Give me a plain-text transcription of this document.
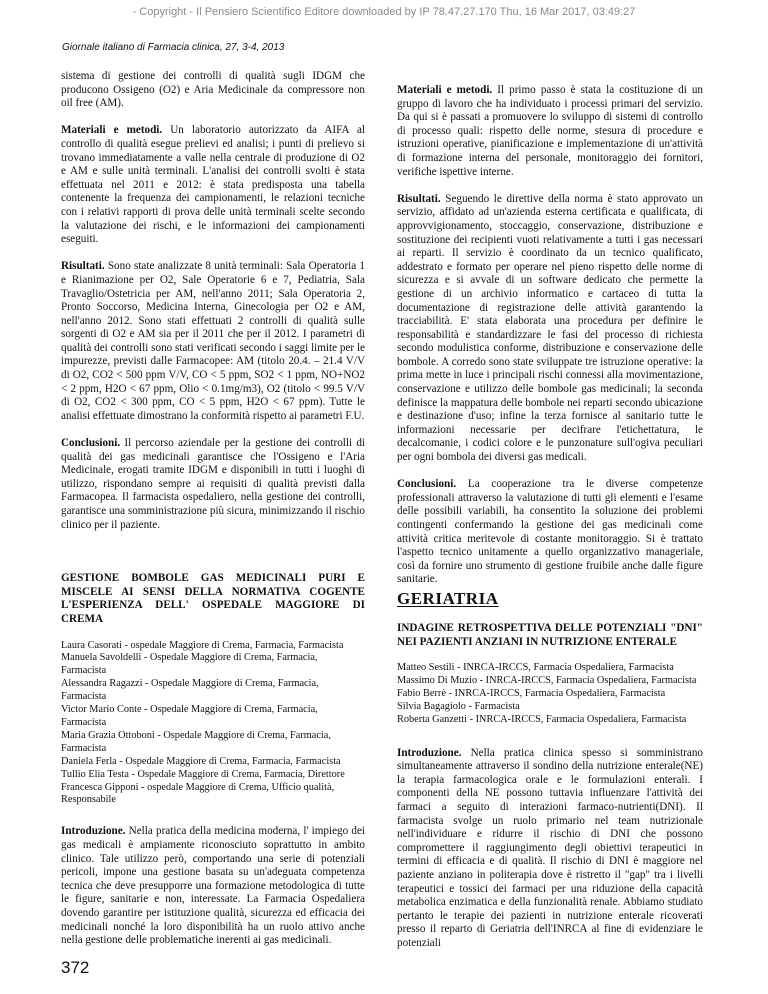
- Copyright - Il Pensiero Scientifico Editore downloaded by IP 78.47.27.170 Thu, 16 Mar 2017, 03:49:27
Giornale italiano di Farmacia clinica, 27, 3-4, 2013

sistema di gestione dei controlli di qualità sugli IDGM che producono Ossigeno (O2) e Aria Medicinale da compressore non oil free (AM).

Materiali e metodi. Un laboratorio autorizzato da AIFA al controllo di qualità esegue prelievi ed analisi; i punti di prelievo si trovano immediatamente a valle nella centrale di produzione di O2 e AM e sulle unità terminali. L'analisi dei controlli svolti è stata effettuata nel 2011 e 2012: è stata predisposta una tabella contenente la frequenza dei campionamenti, le relazioni tecniche con i relativi rapporti di prova delle unità terminali scelte secondo la valutazione dei rischi, e le informazioni dei campionamenti eseguiti.

Risultati. Sono state analizzate 8 unità terminali: Sala Operatoria 1 e Rianimazione per O2, Sale Operatorie 6 e 7, Pediatria, Sala Travaglio/Ostetricia per AM, nell'anno 2011; Sala Operatoria 2, Pronto Soccorso, Medicina Interna, Ginecologia per O2 e AM, nell'anno 2012. Sono stati effettuati 2 controlli di qualità sulle sorgenti di O2 e AM sia per il 2011 che per il 2012. I parametri di qualità dei controlli sono stati verificati secondo i saggi limite per le impurezze, previsti dalle Farmacopee: AM (titolo 20.4. – 21.4 V/V di O2, CO2 < 500 ppm V/V, CO < 5 ppm, SO2 < 1 ppm, NO+NO2 < 2 ppm, H2O < 67 ppm, Olio < 0.1mg/m3), O2 (titolo < 99.5 V/V di O2, CO2 < 300 ppm, CO < 5 ppm, H2O < 67 ppm). Tutte le analisi effettuate dimostrano la conformità rispetto ai parametri F.U.

Conclusioni. Il percorso aziendale per la gestione dei controlli di qualità dei gas medicinali garantisce che l'Ossigeno e l'Aria Medicinale, erogati tramite IDGM e disponibili in tutti i luoghi di utilizzo, rispondano sempre ai requisiti di qualità previsti dalla Farmacopea. Il farmacista ospedaliero, nella gestione dei controlli, garantisce una somministrazione più sicura, minimizzando il rischio clinico per il paziente.

GESTIONE BOMBOLE GAS MEDICINALI PURI E MISCELE AI SENSI DELLA NORMATIVA COGENTE L'ESPERIENZA DELL' OSPEDALE MAGGIORE DI CREMA

Laura Casorati - ospedale Maggiore di Crema, Farmacia, Farmacista
Manuela Savoldelli - Ospedale Maggiore di Crema, Farmacia, Farmacista
Alessandra Ragazzi - Ospedale Maggiore di Crema, Farmacia, Farmacista
Victor Mario Conte - Ospedale Maggiore di Crema, Farmacia, Farmacista
Maria Grazia Ottoboni - Ospedale Maggiore di Crema, Farmacia, Farmacista
Daniela Ferla - Ospedale Maggiore di Crema, Farmacia, Farmacista
Tullio Elia Testa - Ospedale Maggiore di Crema, Farmacia, Direttore
Francesca Gipponi - ospedale Maggiore di Crema, Ufficio qualità, Responsabile

Introduzione. Nella pratica della medicina moderna, l' impiego dei gas medicali è ampiamente riconosciuto soprattutto in ambito clinico. Tale utilizzo però, comportando una serie di potenziali pericoli, impone una gestione basata su un'adeguata competenza tecnica che deve presupporre una formazione metodologica di tutte le figure, sanitarie e non, interessate. La Farmacia Ospedaliera dovendo garantire per istituzione qualità, sicurezza ed efficacia dei medicinali nonché la loro disponibilità ha un ruolo attivo anche nella gestione delle problematiche inerenti ai gas medicinali.

Materiali e metodi. Il primo passo è stata la costituzione di un gruppo di lavoro che ha individuato i processi primari del servizio. Da qui si è passati a promuovere lo sviluppo di sistemi di controllo di processo quali: rispetto delle norme, stesura di procedure e istruzioni operative, pianificazione e implementazione di un'attività di formazione interna del personale, monitoraggio dei fornitori, verifiche ispettive interne.

Risultati. Seguendo le direttive della norma è stato approvato un servizio, affidato ad un'azienda esterna certificata e qualificata, di approvvigionamento, stoccaggio, conservazione, distribuzione e sostituzione dei recipienti vuoti relativamente a tutti i gas necessari ai reparti. Il servizio è coordinato da un tecnico qualificato, addestrato e formato per operare nel pieno rispetto delle norme di sicurezza e si avvale di un software dedicato che permette la gestione di un archivio informatico e cartaceo di tutta la documentazione di registrazione delle attività garantendo la tracciabilità. E' stata elaborata una procedura per definire le responsabilità e standardizzare le fasi del processo di richiesta secondo modulistica conforme, distribuzione e conservazione delle bombole. A corredo sono state sviluppate tre istruzione operative: la prima mette in luce i principali rischi connessi alla movimentazione, conservazione e utilizzo delle bombole gas medicinali; la seconda definisce la mappatura delle bombole nei reparti secondo ubicazione e destinazione d'uso; infine la terza fornisce al sanitario tutte le informazioni necessarie per decifrare l'etichettatura, le decalcomanie, i codici colore e le punzonature sull'ogiva peculiari per ogni bombola dei diversi gas medicali.

Conclusioni. La cooperazione tra le diverse competenze professionali attraverso la valutazione di tutti gli elementi e l'esame delle possibili variabili, ha consentito la soluzione dei problemi contingenti confermando la gestione dei gas medicinali come attività critica meritevole di costante monitoraggio. Si è trattato l'aspetto tecnico unitamente a quello organizzativo manageriale, così da fornire uno strumento di gestione fruibile anche dalle figure sanitarie.

GERIATRIA

INDAGINE RETROSPETTIVA DELLE POTENZIALI "DNI" NEI PAZIENTI ANZIANI IN NUTRIZIONE ENTERALE

Matteo Sestili - INRCA-IRCCS, Farmacia Ospedaliera, Farmacista
Massimo Di Muzio - INRCA-IRCCS, Farmacia Ospedaliera, Farmacista
Fabio Berrè - INRCA-IRCCS, Farmacia Ospedaliera, Farmacista
Silvia Bagagiolo - Farmacista
Roberta Ganzetti - INRCA-IRCCS, Farmacia Ospedaliera, Farmacista

Introduzione. Nella pratica clinica spesso si somministrano simultaneamente attraverso il sondino della nutrizione enterale(NE) la terapia farmacologica orale e le formulazioni enterali. I componenti della NE possono tuttavia influenzare l'attività dei farmaci a seguito di interazioni farmaco-nutrienti(DNI). Il farmacista svolge un ruolo primario nel team nutrizionale nell'individuare e ridurre il rischio di DNI che possono compromettere il raggiungimento degli obiettivi terapeutici in termini di efficacia e di qualità. Il rischio di DNI è maggiore nel paziente anziano in politerapia dove è ristretto il "gap" tra i livelli terapeutici e tossici dei farmaci per una riduzione della capacità metabolica enzimatica e della funzionalità renale. Abbiamo studiato pertanto le terapie dei pazienti in nutrizione enterale ricoverati presso il reparto di Geriatria dell'INRCA al fine di evidenziare le potenziali

372
